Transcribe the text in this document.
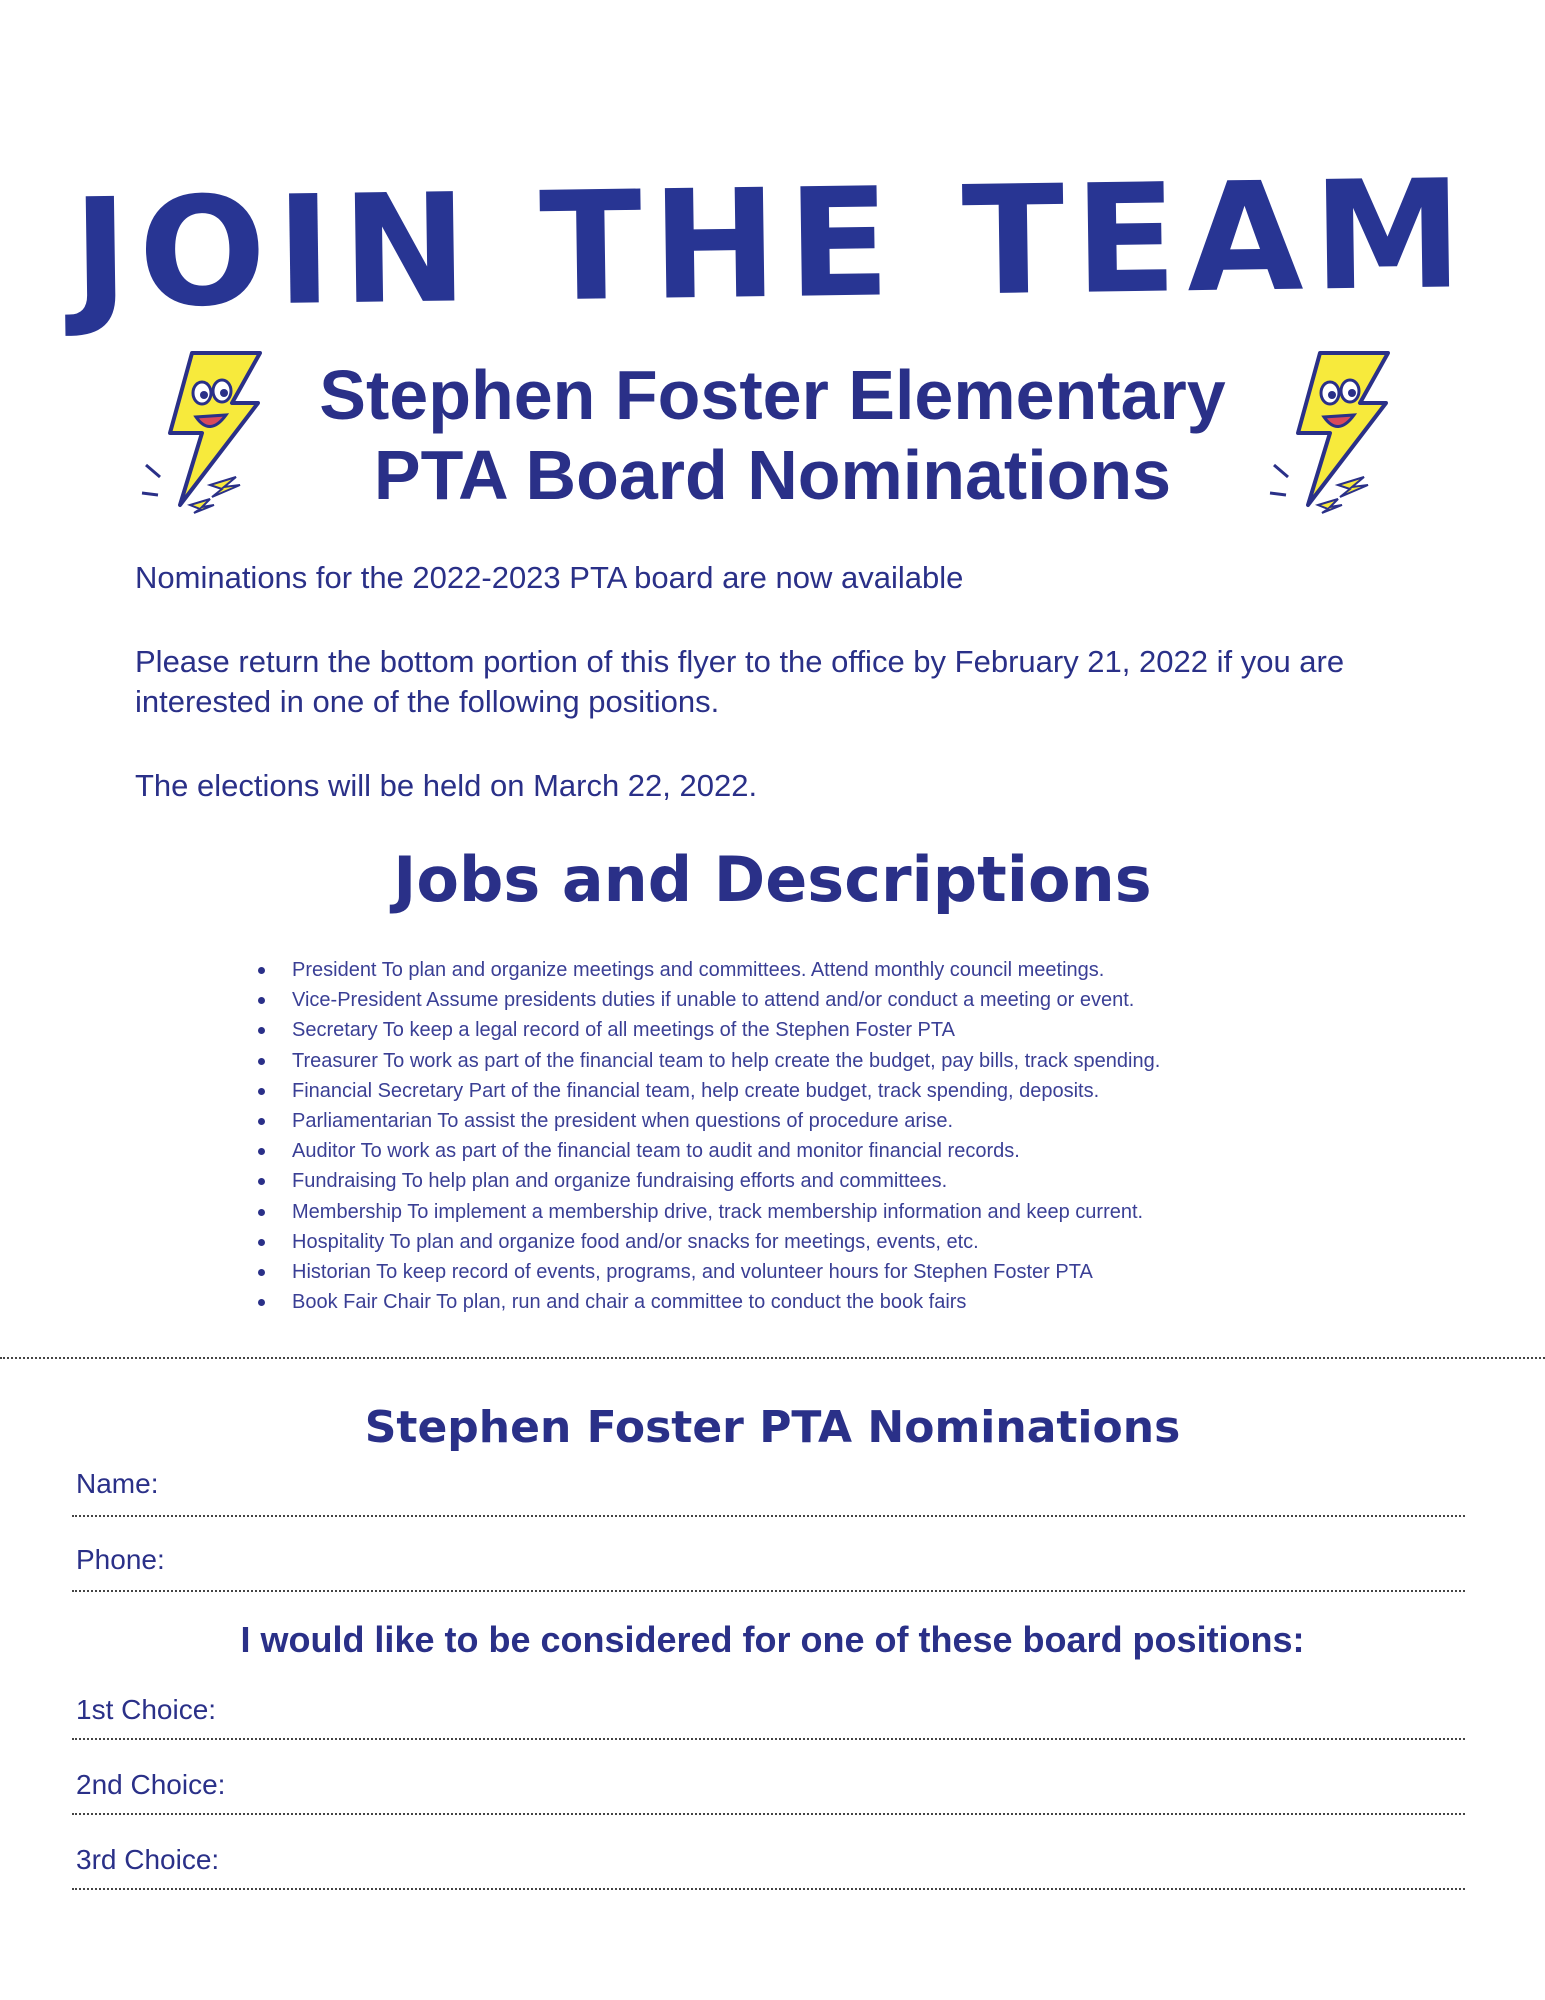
JOIN THE TEAM
Stephen Foster Elementary
PTA Board Nominations

Nominations for the 2022-2023 PTA board are now available

Please return the bottom portion of this flyer to the office by February 21, 2022 if you are interested in one of the following positions.

The elections will be held on March 22, 2022.

Jobs and Descriptions
President To plan and organize meetings and committees. Attend monthly council meetings.
Vice-President Assume presidents duties if unable to attend and/or conduct a meeting or event.
Secretary To keep a legal record of all meetings of the Stephen Foster PTA
Treasurer To work as part of the financial team to help create the budget, pay bills, track spending.
Financial Secretary Part of the financial team, help create budget, track spending, deposits.
Parliamentarian To assist the president when questions of procedure arise.
Auditor To work as part of the financial team to audit and monitor financial records.
Fundraising To help plan and organize fundraising efforts and committees.
Membership To implement a membership drive, track membership information and keep current.
Hospitality To plan and organize food and/or snacks for meetings, events, etc.
Historian To keep record of events, programs, and volunteer hours for Stephen Foster PTA
Book Fair Chair To plan, run and chair a committee to conduct the book fairs
Stephen Foster PTA Nominations
Name:
Phone:
I would like to be considered for one of these board positions:
1st Choice:
2nd Choice:
3rd Choice:
